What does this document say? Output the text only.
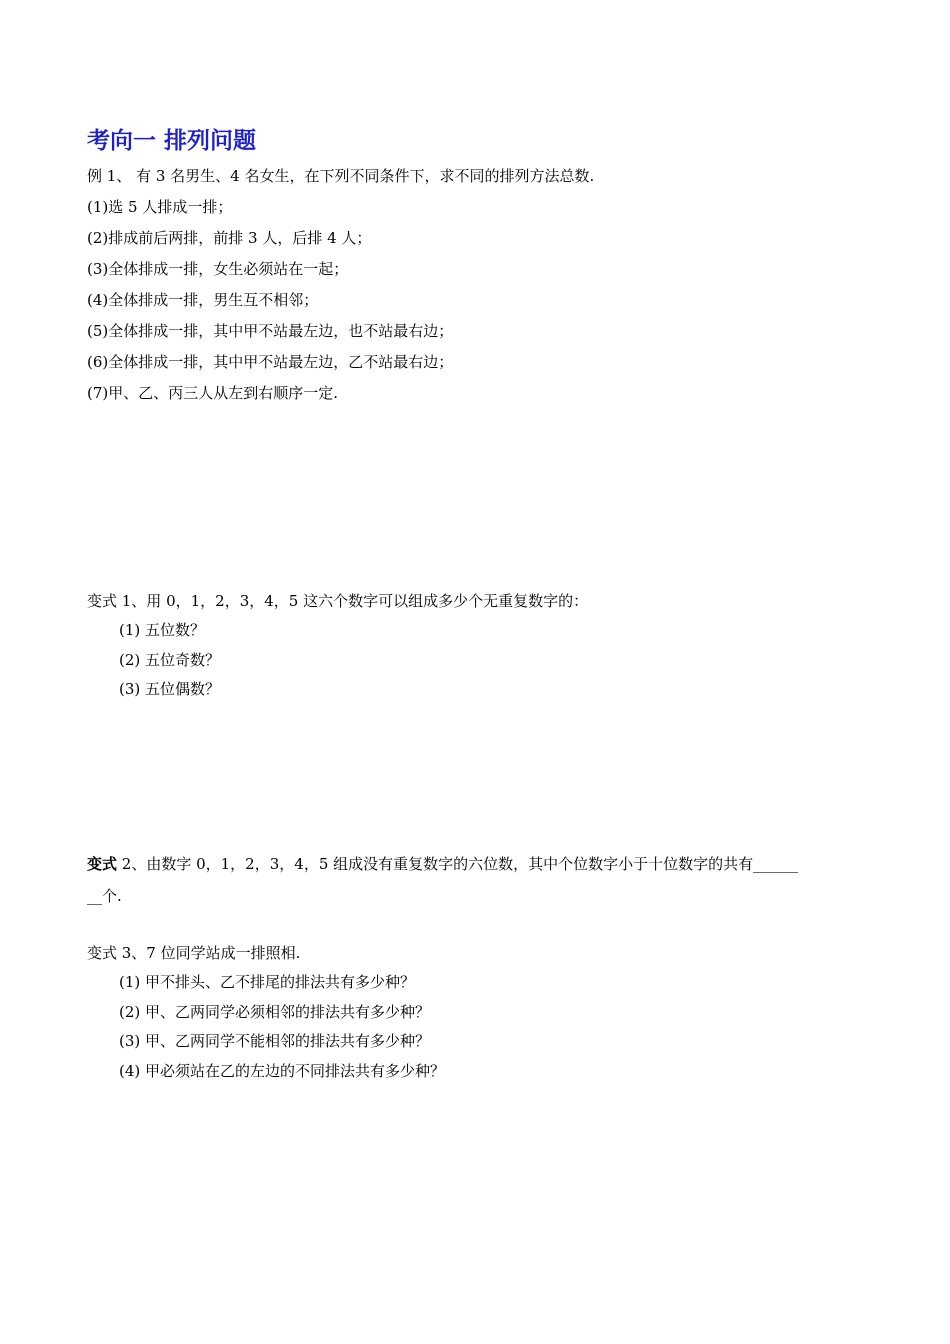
考向一 排列问题
例 1、 有 3 名男生、4 名女生，在下列不同条件下，求不同的排列方法总数.
(1)选 5 人排成一排；
(2)排成前后两排，前排 3 人，后排 4 人；
(3)全体排成一排，女生必须站在一起；
(4)全体排成一排，男生互不相邻；
(5)全体排成一排，其中甲不站最左边，也不站最右边；
(6)全体排成一排，其中甲不站最左边，乙不站最右边；
(7)甲、乙、丙三人从左到右顺序一定.
变式 1、用 0，1，2，3，4，5 这六个数字可以组成多少个无重复数字的：
(1) 五位数？
(2) 五位奇数？
(3) 五位偶数？
变式 2、由数字 0，1，2，3，4，5 组成没有重复数字的六位数，其中个位数字小于十位数字的共有______
__个.
变式 3、7 位同学站成一排照相.
(1) 甲不排头、乙不排尾的排法共有多少种？
(2) 甲、乙两同学必须相邻的排法共有多少种？
(3) 甲、乙两同学不能相邻的排法共有多少种？
(4) 甲必须站在乙的左边的不同排法共有多少种？
